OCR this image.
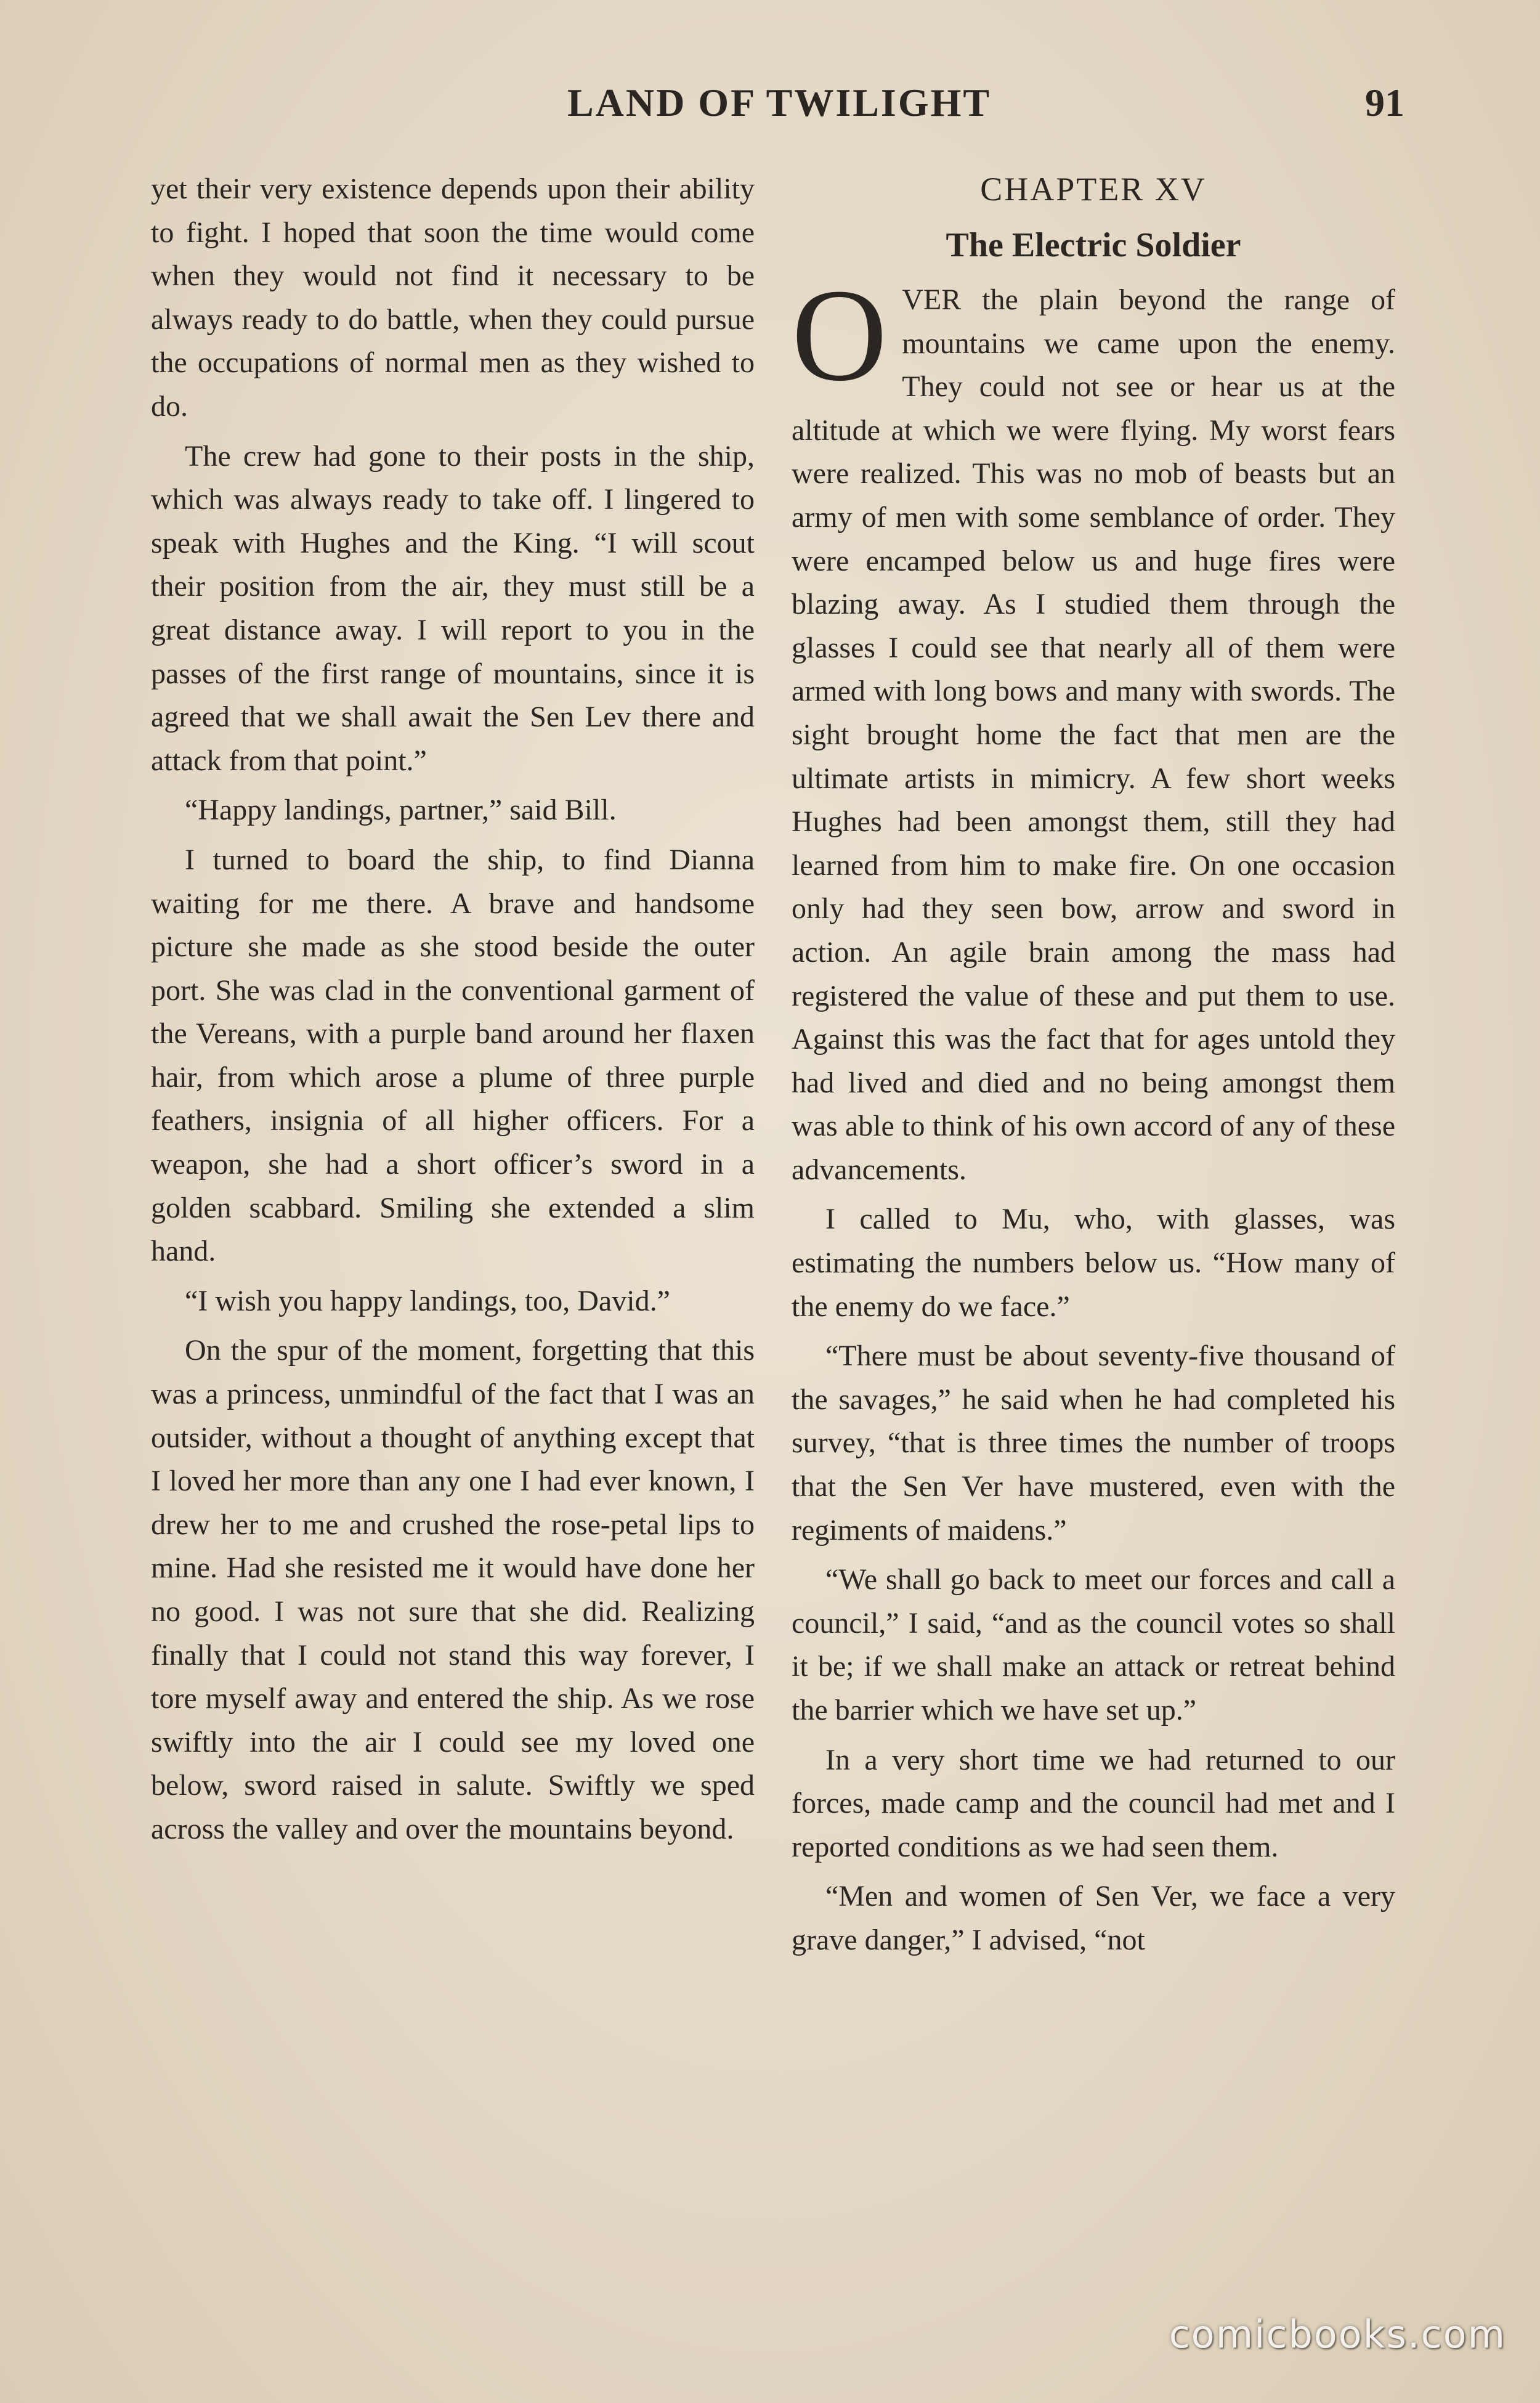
LAND OF TWILIGHT	91

yet their very existence depends upon their ability to fight. I hoped that soon the time would come when they would not find it necessary to be always ready to do battle, when they could pursue the occupations of normal men as they wished to do.

The crew had gone to their posts in the ship, which was always ready to take off. I lingered to speak with Hughes and the King. “I will scout their position from the air, they must still be a great distance away. I will report to you in the passes of the first range of mountains, since it is agreed that we shall await the Sen Lev there and attack from that point.”

“Happy landings, partner,” said Bill.

I turned to board the ship, to find Dianna waiting for me there. A brave and handsome picture she made as she stood beside the outer port. She was clad in the conventional garment of the Vereans, with a purple band around her flaxen hair, from which arose a plume of three purple feathers, insignia of all higher officers. For a weapon, she had a short officer’s sword in a golden scabbard. Smiling she extended a slim hand.

“I wish you happy landings, too, David.”

On the spur of the moment, forgetting that this was a princess, unmindful of the fact that I was an outsider, without a thought of anything except that I loved her more than any one I had ever known, I drew her to me and crushed the rose-petal lips to mine. Had she resisted me it would have done her no good. I was not sure that she did. Realizing finally that I could not stand this way forever, I tore myself away and entered the ship. As we rose swiftly into the air I could see my loved one below, sword raised in salute. Swiftly we sped across the valley and over the mountains beyond.

CHAPTER XV
The Electric Soldier

OVER the plain beyond the range of mountains we came upon the enemy. They could not see or hear us at the altitude at which we were flying. My worst fears were realized. This was no mob of beasts but an army of men with some semblance of order. They were encamped below us and huge fires were blazing away. As I studied them through the glasses I could see that nearly all of them were armed with long bows and many with swords. The sight brought home the fact that men are the ultimate artists in mimicry. A few short weeks Hughes had been amongst them, still they had learned from him to make fire. On one occasion only had they seen bow, arrow and sword in action. An agile brain among the mass had registered the value of these and put them to use. Against this was the fact that for ages untold they had lived and died and no being amongst them was able to think of his own accord of any of these advancements.

I called to Mu, who, with glasses, was estimating the numbers below us. “How many of the enemy do we face.”

“There must be about seventy-five thousand of the savages,” he said when he had completed his survey, “that is three times the number of troops that the Sen Ver have mustered, even with the regiments of maidens.”

“We shall go back to meet our forces and call a council,” I said, “and as the council votes so shall it be; if we shall make an attack or retreat behind the barrier which we have set up.”

In a very short time we had returned to our forces, made camp and the council had met and I reported conditions as we had seen them.

“Men and women of Sen Ver, we face a very grave danger,” I advised, “not

comicbooks.com
